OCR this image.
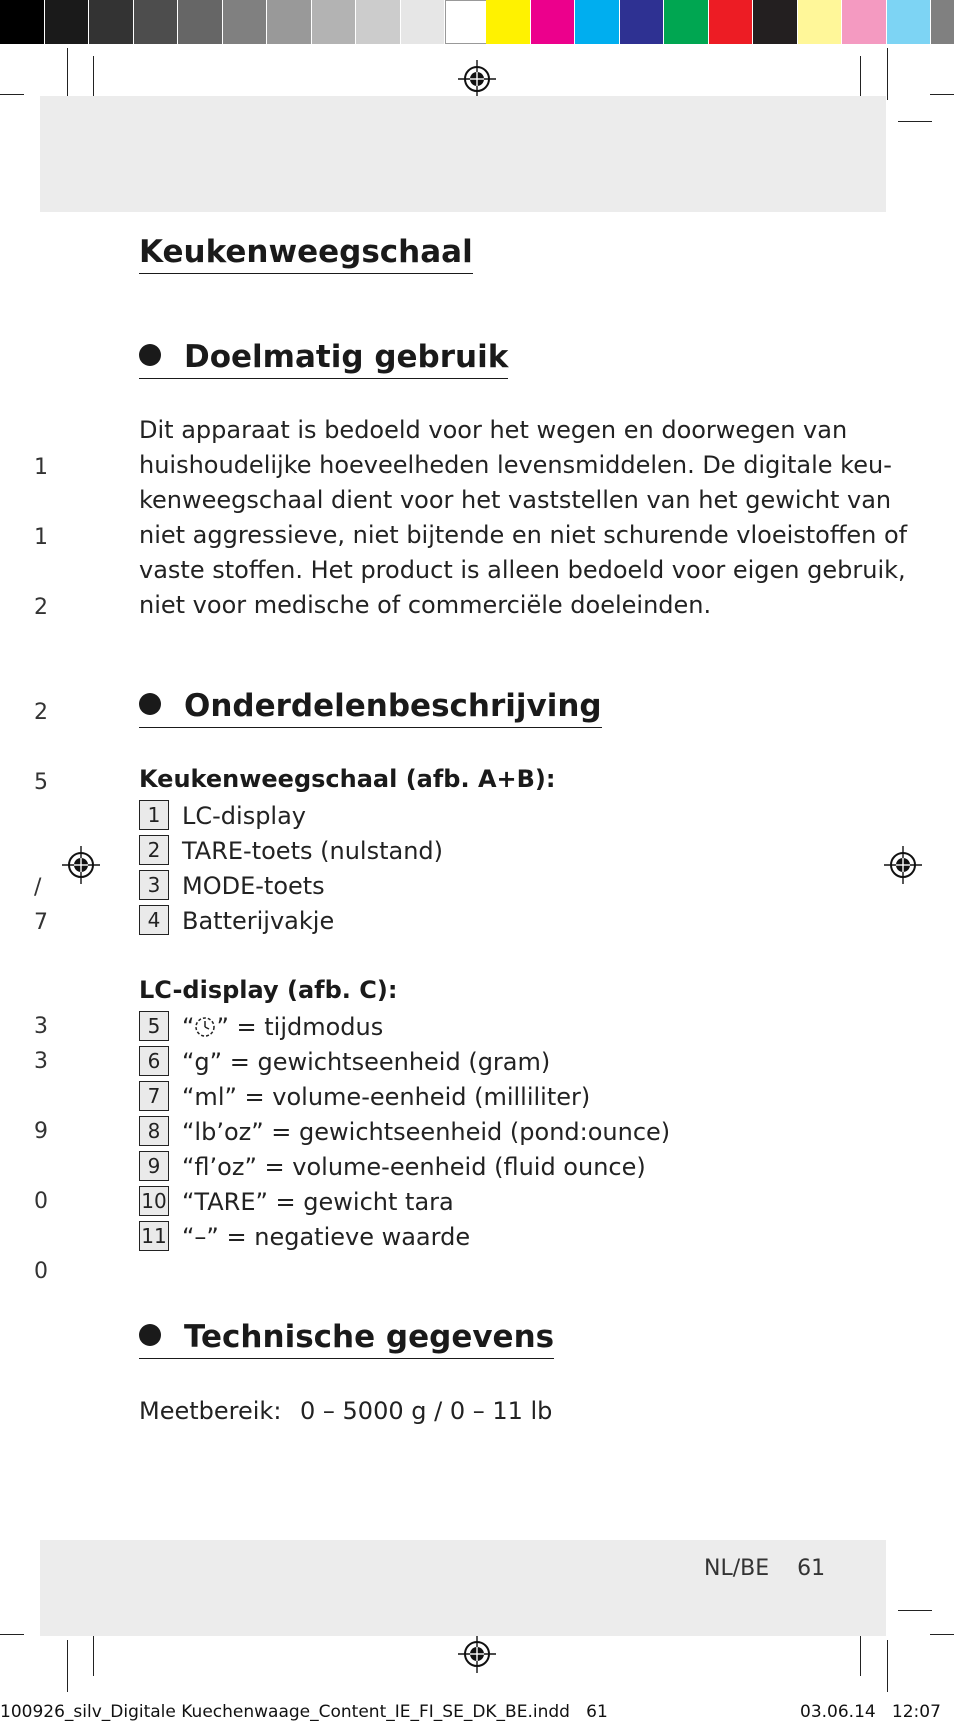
Keukenweegschaal
Doelmatig gebruik
Dit apparaat is bedoeld voor het wegen en doorwegen van
huishoudelijke hoeveelheden levensmiddelen. De digitale keu-
kenweegschaal dient voor het vaststellen van het gewicht van
niet aggressieve, niet bijtende en niet schurende vloeistoffen of
vaste stoffen. Het product is alleen bedoeld voor eigen gebruik,
niet voor medische of commerciële doeleinden.
Onderdelenbeschrijving
Keukenweegschaal (afb. A+B):
1 LC-display
2 TARE-toets (nulstand)
3 MODE-toets
4 Batterijvakje
LC-display (afb. C):
5 “ ” = tijdmodus
6 “g” = gewichtseenheid (gram)
7 “ml” = volume-eenheid (milliliter)
8 “lb’oz” = gewichtseenheid (pond:ounce)
9 “fl’oz” = volume-eenheid (fluid ounce)
10 “TARE” = gewicht tara
11 “–” = negatieve waarde
Technische gegevens
Meetbereik: 0 – 5000 g / 0 – 11 lb
1
1
2
2
5
/
7
3
3
9
0
0
NL/BE    61
100926_silv_Digitale Kuechenwaage_Content_IE_FI_SE_DK_BE.indd   61	03.06.14   12:07
